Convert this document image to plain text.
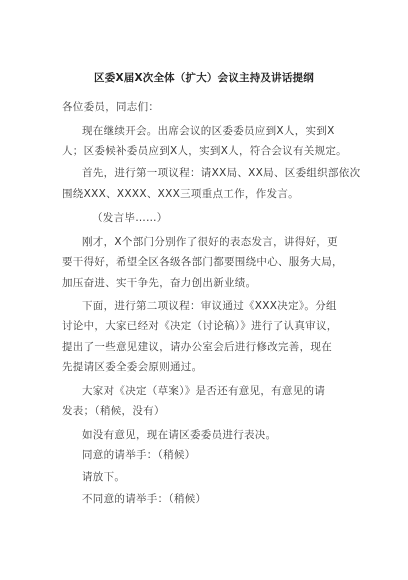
区委X届X次全体（扩大）会议主持及讲话提纲
各位委员，同志们：
现在继续开会。出席会议的区委委员应到X人，实到X
人；区委候补委员应到X人，实到X人，符合会议有关规定。
首先，进行第一项议程：请XX局、XX局、区委组织部依次
围绕XXX、XXXX、XXX三项重点工作，作发言。
（发言毕……）
刚才，X个部门分别作了很好的表态发言，讲得好，更
要干得好，希望全区各级各部门都要围绕中心、服务大局，
加压奋进、实干争先，奋力创出新业绩。
下面，进行第二项议程：审议通过《XXX决定》。分组
讨论中，大家已经对《决定（讨论稿）》进行了认真审议，
提出了一些意见建议，请办公室会后进行修改完善，现在
先提请区委全委会原则通过。
大家对《决定（草案）》是否还有意见，有意见的请
发表；（稍候，没有）
如没有意见，现在请区委委员进行表决。
同意的请举手：（稍候）
请放下。
不同意的请举手：（稍候）
